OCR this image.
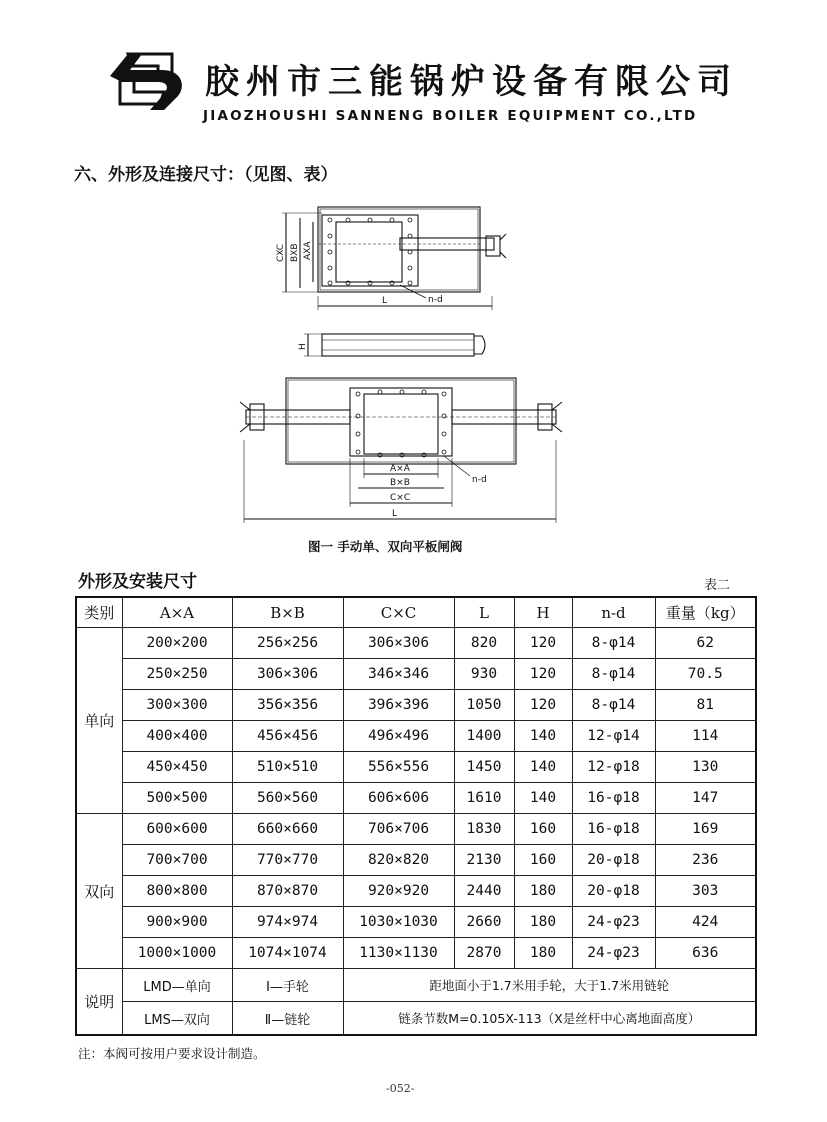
胶州市三能锅炉设备有限公司
JIAOZHOUSHI SANNENG BOILER EQUIPMENT CO.,LTD
六、外形及连接尺寸：（见图、表）
CXC BXB AXA
n-d
L
H
A×A
B×B
C×C
n-d
L
图一 手动单、双向平板闸阀
外形及安装尺寸	表二
类别	A×A	B×B	C×C	L	H	n-d	重量（kg）
单向	200×200	256×256	306×306	820	120	8-φ14	62
	250×250	306×306	346×346	930	120	8-φ14	70.5
	300×300	356×356	396×396	1050	120	8-φ14	81
	400×400	456×456	496×496	1400	140	12-φ14	114
	450×450	510×510	556×556	1450	140	12-φ18	130
	500×500	560×560	606×606	1610	140	16-φ18	147
双向	600×600	660×660	706×706	1830	160	16-φ18	169
	700×700	770×770	820×820	2130	160	20-φ18	236
	800×800	870×870	920×920	2440	180	20-φ18	303
	900×900	974×974	1030×1030	2660	180	24-φ23	424
	1000×1000	1074×1074	1130×1130	2870	180	24-φ23	636
说明	LMD—单向	Ⅰ—手轮	距地面小于1.7米用手轮，大于1.7米用链轮				
	LMS—双向	Ⅱ—链轮	链条节数M=0.105X-113（X是丝杆中心离地面高度）				
注：本阀可按用户要求设计制造。
-052-
